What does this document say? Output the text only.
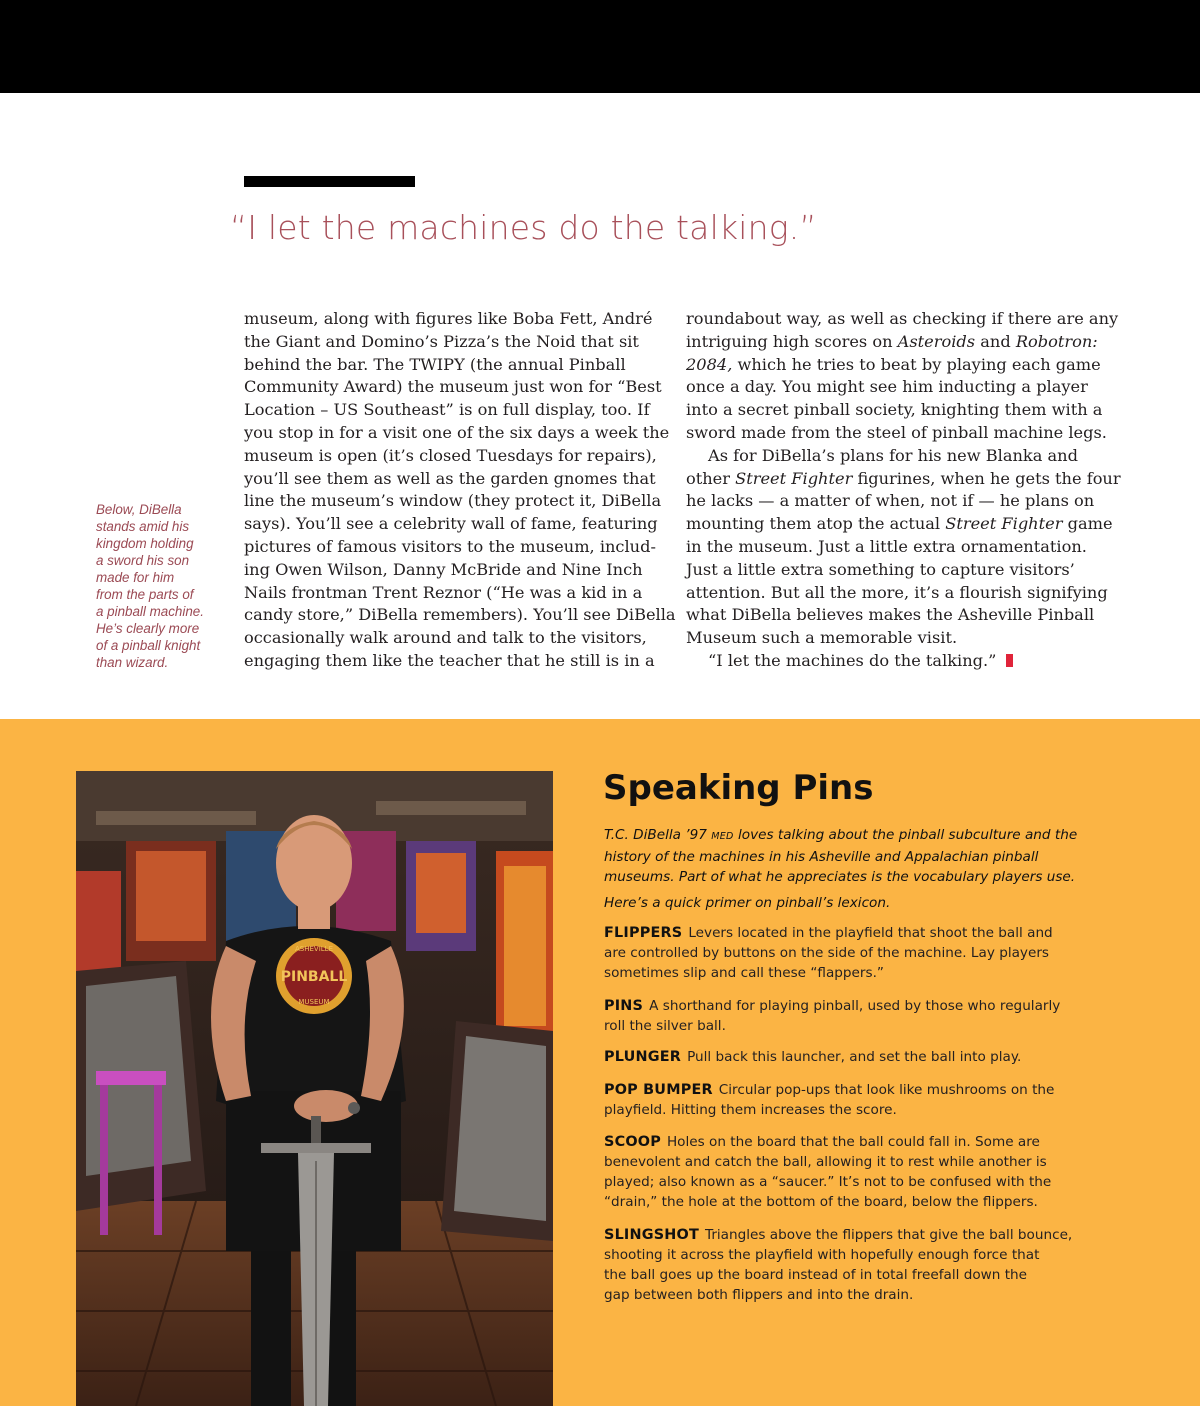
“I let the machines do the talking.”
Below, DiBella
stands amid his
kingdom holding
a sword his son
made for him
from the parts of
a pinball machine.
He’s clearly more
of a pinball knight
than wizard.
museum, along with figures like Boba Fett, André
the Giant and Domino’s Pizza’s the Noid that sit
behind the bar. The TWIPY (the annual Pinball
Community Award) the museum just won for “Best
Location – US Southeast” is on full display, too. If
you stop in for a visit one of the six days a week the
museum is open (it’s closed Tuesdays for repairs),
you’ll see them as well as the garden gnomes that
line the museum’s window (they protect it, DiBella
says). You’ll see a celebrity wall of fame, featuring
pictures of famous visitors to the museum, includ-
ing Owen Wilson, Danny McBride and Nine Inch
Nails frontman Trent Reznor (“He was a kid in a
candy store,” DiBella remembers). You’ll see DiBella
occasionally walk around and talk to the visitors,
engaging them like the teacher that he still is in a
roundabout way, as well as checking if there are any
intriguing high scores on Asteroids and Robotron:
2084, which he tries to beat by playing each game
once a day. You might see him inducting a player
into a secret pinball society, knighting them with a
sword made from the steel of pinball machine legs.
As for DiBella’s plans for his new Blanka and
other Street Fighter figurines, when he gets the four
he lacks — a matter of when, not if — he plans on
mounting them atop the actual Street Fighter game
in the museum. Just a little extra ornamentation.
Just a little extra something to capture visitors’
attention. But all the more, it’s a flourish signifying
what DiBella believes makes the Asheville Pinball
Museum such a memorable visit.
“I let the machines do the talking.”
ASHEVILLE
PINBALL
MUSEUM
Speaking Pins
T.C. DiBella ’97 MED loves talking about the pinball subculture and the
history of the machines in his Asheville and Appalachian pinball
museums. Part of what he appreciates is the vocabulary players use.
Here’s a quick primer on pinball’s lexicon.
FLIPPERS Levers located in the playfield that shoot the ball and
are controlled by buttons on the side of the machine. Lay players
sometimes slip and call these “flappers.”
PINS A shorthand for playing pinball, used by those who regularly
roll the silver ball.
PLUNGER Pull back this launcher, and set the ball into play.
POP BUMPER Circular pop-ups that look like mushrooms on the
playfield. Hitting them increases the score.
SCOOP Holes on the board that the ball could fall in. Some are
benevolent and catch the ball, allowing it to rest while another is
played; also known as a “saucer.” It’s not to be confused with the
“drain,” the hole at the bottom of the board, below the flippers.
SLINGSHOT Triangles above the flippers that give the ball bounce,
shooting it across the playfield with hopefully enough force that
the ball goes up the board instead of in total freefall down the
gap between both flippers and into the drain.
